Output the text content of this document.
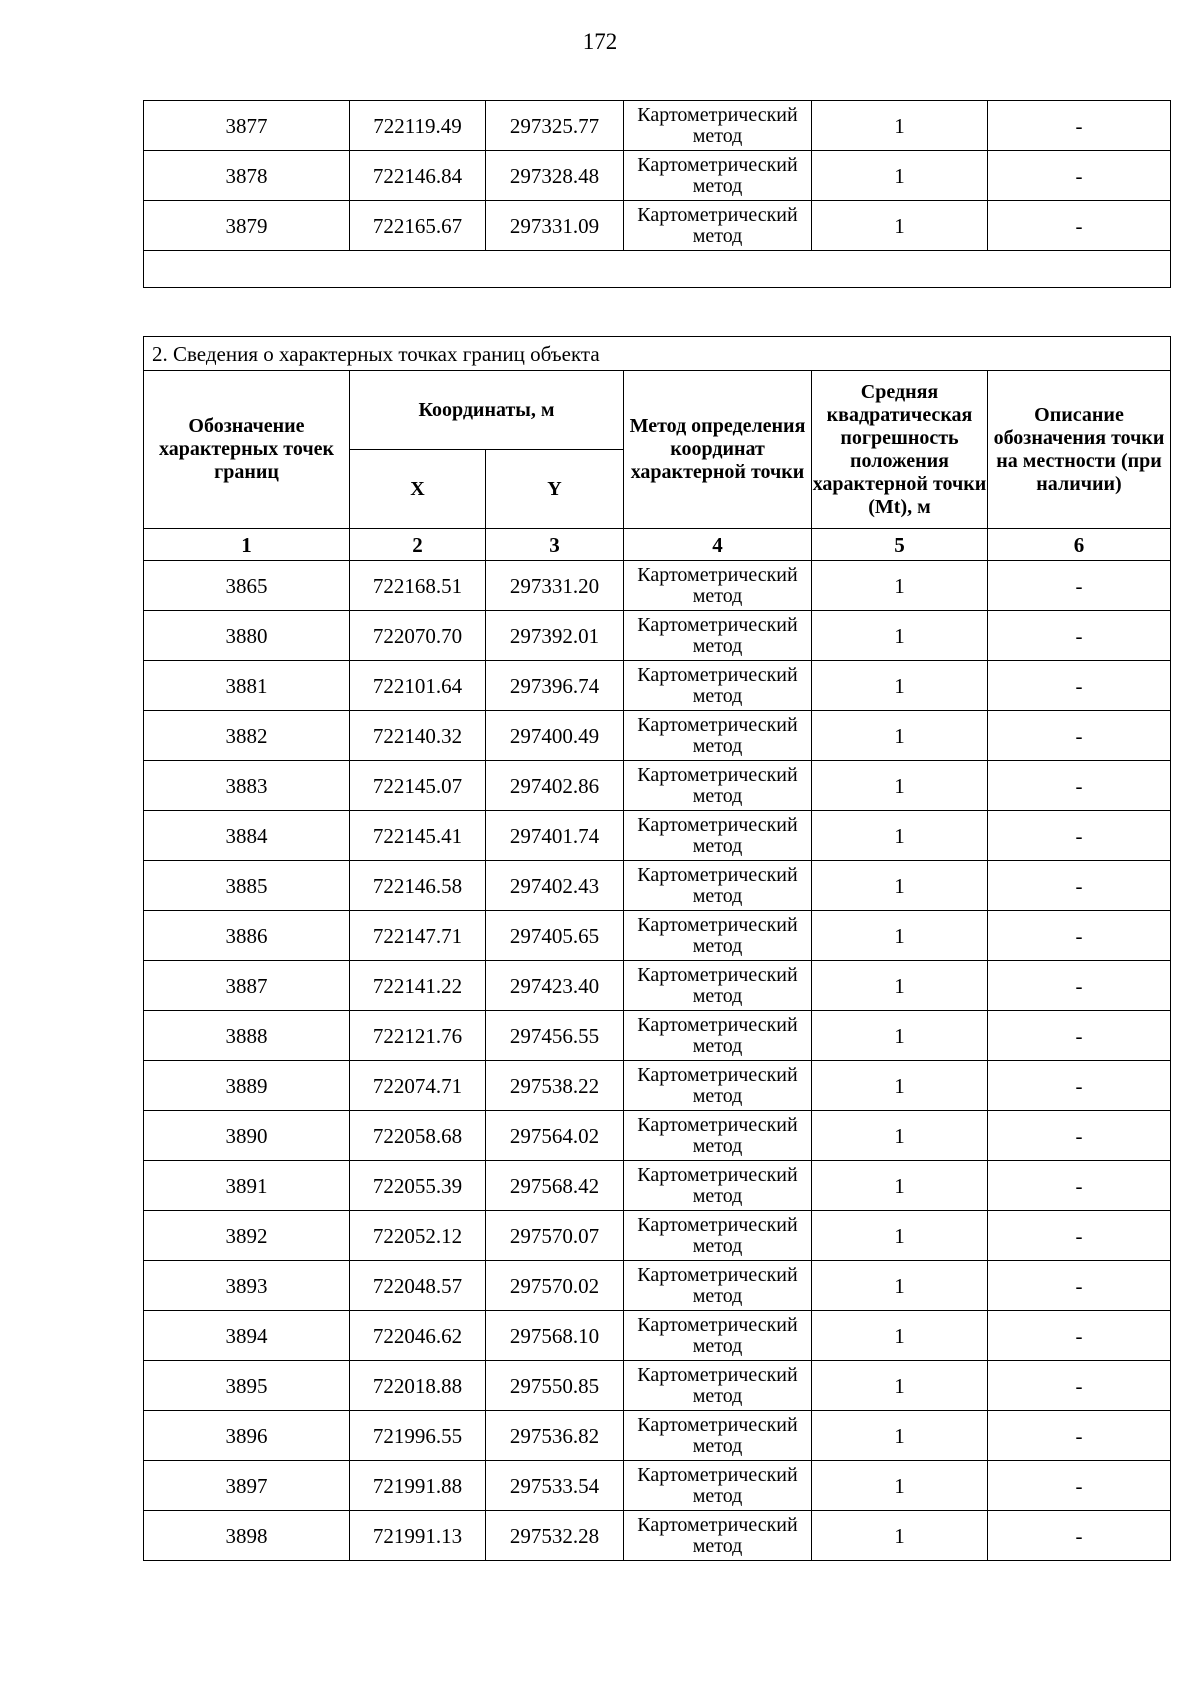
172
3877	722119.49	297325.77	Картометрический метод	1	-
3878	722146.84	297328.48	Картометрический метод	1	-
3879	722165.67	297331.09	Картометрический метод	1	-

2. Сведения о характерных точках границ объекта					
Обозначение характерных точек границ	Координаты, м		Метод определения координат характерной точки	Средняя квадратическая погрешность положения характерной точки (Mt), м	Описание обозначения точки на местности (при наличии)
	X	Y			
1	2	3	4	5	6
3865	722168.51	297331.20	Картометрический метод	1	-
3880	722070.70	297392.01	Картометрический метод	1	-
3881	722101.64	297396.74	Картометрический метод	1	-
3882	722140.32	297400.49	Картометрический метод	1	-
3883	722145.07	297402.86	Картометрический метод	1	-
3884	722145.41	297401.74	Картометрический метод	1	-
3885	722146.58	297402.43	Картометрический метод	1	-
3886	722147.71	297405.65	Картометрический метод	1	-
3887	722141.22	297423.40	Картометрический метод	1	-
3888	722121.76	297456.55	Картометрический метод	1	-
3889	722074.71	297538.22	Картометрический метод	1	-
3890	722058.68	297564.02	Картометрический метод	1	-
3891	722055.39	297568.42	Картометрический метод	1	-
3892	722052.12	297570.07	Картометрический метод	1	-
3893	722048.57	297570.02	Картометрический метод	1	-
3894	722046.62	297568.10	Картометрический метод	1	-
3895	722018.88	297550.85	Картометрический метод	1	-
3896	721996.55	297536.82	Картометрический метод	1	-
3897	721991.88	297533.54	Картометрический метод	1	-
3898	721991.13	297532.28	Картометрический метод	1	-
